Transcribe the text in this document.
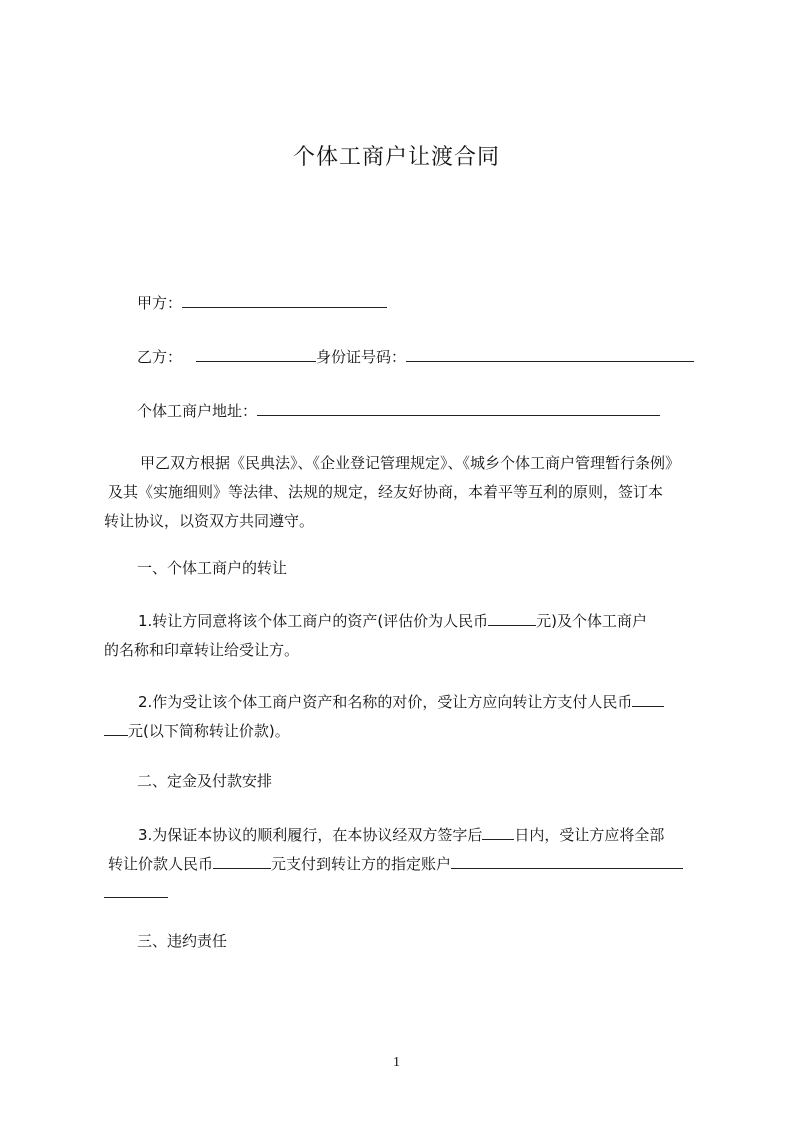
个体工商户让渡合同
甲方：
乙方：	身份证号码：
个体工商户地址：
甲乙双方根据《民典法》、《企业登记管理规定》、《城乡个体工商户管理暂行条例》
及其《实施细则》等法律、法规的规定，经友好协商，本着平等互利的原则，签订本
转让协议，以资双方共同遵守。
一、个体工商户的转让
1.转让方同意将该个体工商户的资产(评估价为人民币	元)及个体工商户
的名称和印章转让给受让方。
2.作为受让该个体工商户资产和名称的对价，受让方应向转让方支付人民币
元(以下简称转让价款)。
二、定金及付款安排
3.为保证本协议的顺利履行，在本协议经双方签字后 日内，受让方应将全部
转让价款人民币	元支付到转让方的指定账户
三、违约责任
1
